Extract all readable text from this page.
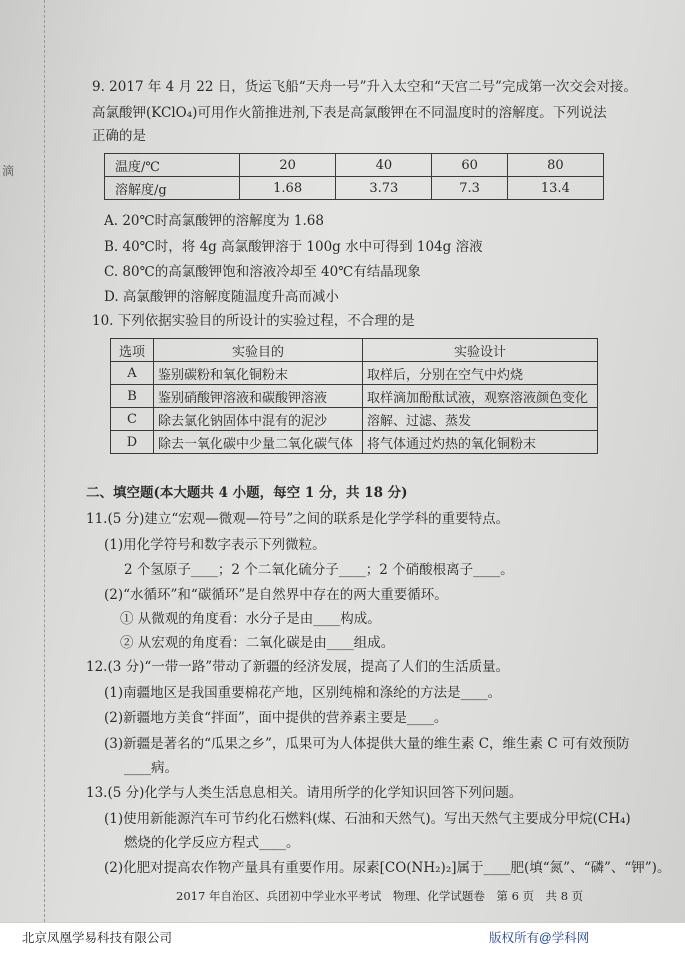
滴
9. 2017 年 4 月 22 日，货运飞船“天舟一号”升入太空和“天宫二号”完成第一次交会对接。
高氯酸钾(KClO₄)可用作火箭推进剂,下表是高氯酸钾在不同温度时的溶解度。下列说法
正确的是
温度/℃	20	40	60	80
溶解度/g	1.68	3.73	7.3	13.4
A. 20℃时高氯酸钾的溶解度为 1.68
B. 40℃时，将 4g 高氯酸钾溶于 100g 水中可得到 104g 溶液
C. 80℃的高氯酸钾饱和溶液冷却至 40℃有结晶现象
D. 高氯酸钾的溶解度随温度升高而减小
10. 下列依据实验目的所设计的实验过程，不合理的是
选项	实验目的	实验设计
A	鉴别碳粉和氧化铜粉末	取样后，分别在空气中灼烧
B	鉴别硝酸钾溶液和碳酸钾溶液	取样滴加酚酞试液，观察溶液颜色变化
C	除去氯化钠固体中混有的泥沙	溶解、过滤、蒸发
D	除去一氧化碳中少量二氧化碳气体	将气体通过灼热的氧化铜粉末
二、填空题(本大题共 4 小题，每空 1 分，共 18 分)
11.(5 分)建立“宏观—微观—符号”之间的联系是化学学科的重要特点。
(1)用化学符号和数字表示下列微粒。
2 个氢原子____；2 个二氧化硫分子____；2 个硝酸根离子____。
(2)“水循环”和“碳循环”是自然界中存在的两大重要循环。
① 从微观的角度看：水分子是由____构成。
② 从宏观的角度看：二氧化碳是由____组成。
12.(3 分)“一带一路”带动了新疆的经济发展，提高了人们的生活质量。
(1)南疆地区是我国重要棉花产地，区别纯棉和涤纶的方法是____。
(2)新疆地方美食“拌面”，面中提供的营养素主要是____。
(3)新疆是著名的“瓜果之乡”，瓜果可为人体提供大量的维生素 C，维生素 C 可有效预防
____病。
13.(5 分)化学与人类生活息息相关。请用所学的化学知识回答下列问题。
(1)使用新能源汽车可节约化石燃料(煤、石油和天然气)。写出天然气主要成分甲烷(CH₄)
燃烧的化学反应方程式____。
(2)化肥对提高农作物产量具有重要作用。尿素[CO(NH₂)₂]属于____肥(填“氮”、“磷”、“钾”)。
2017 年自治区、兵团初中学业水平考试　物理、化学试题卷　第 6 页　共 8 页
北京凤凰学易科技有限公司	版权所有@学科网
